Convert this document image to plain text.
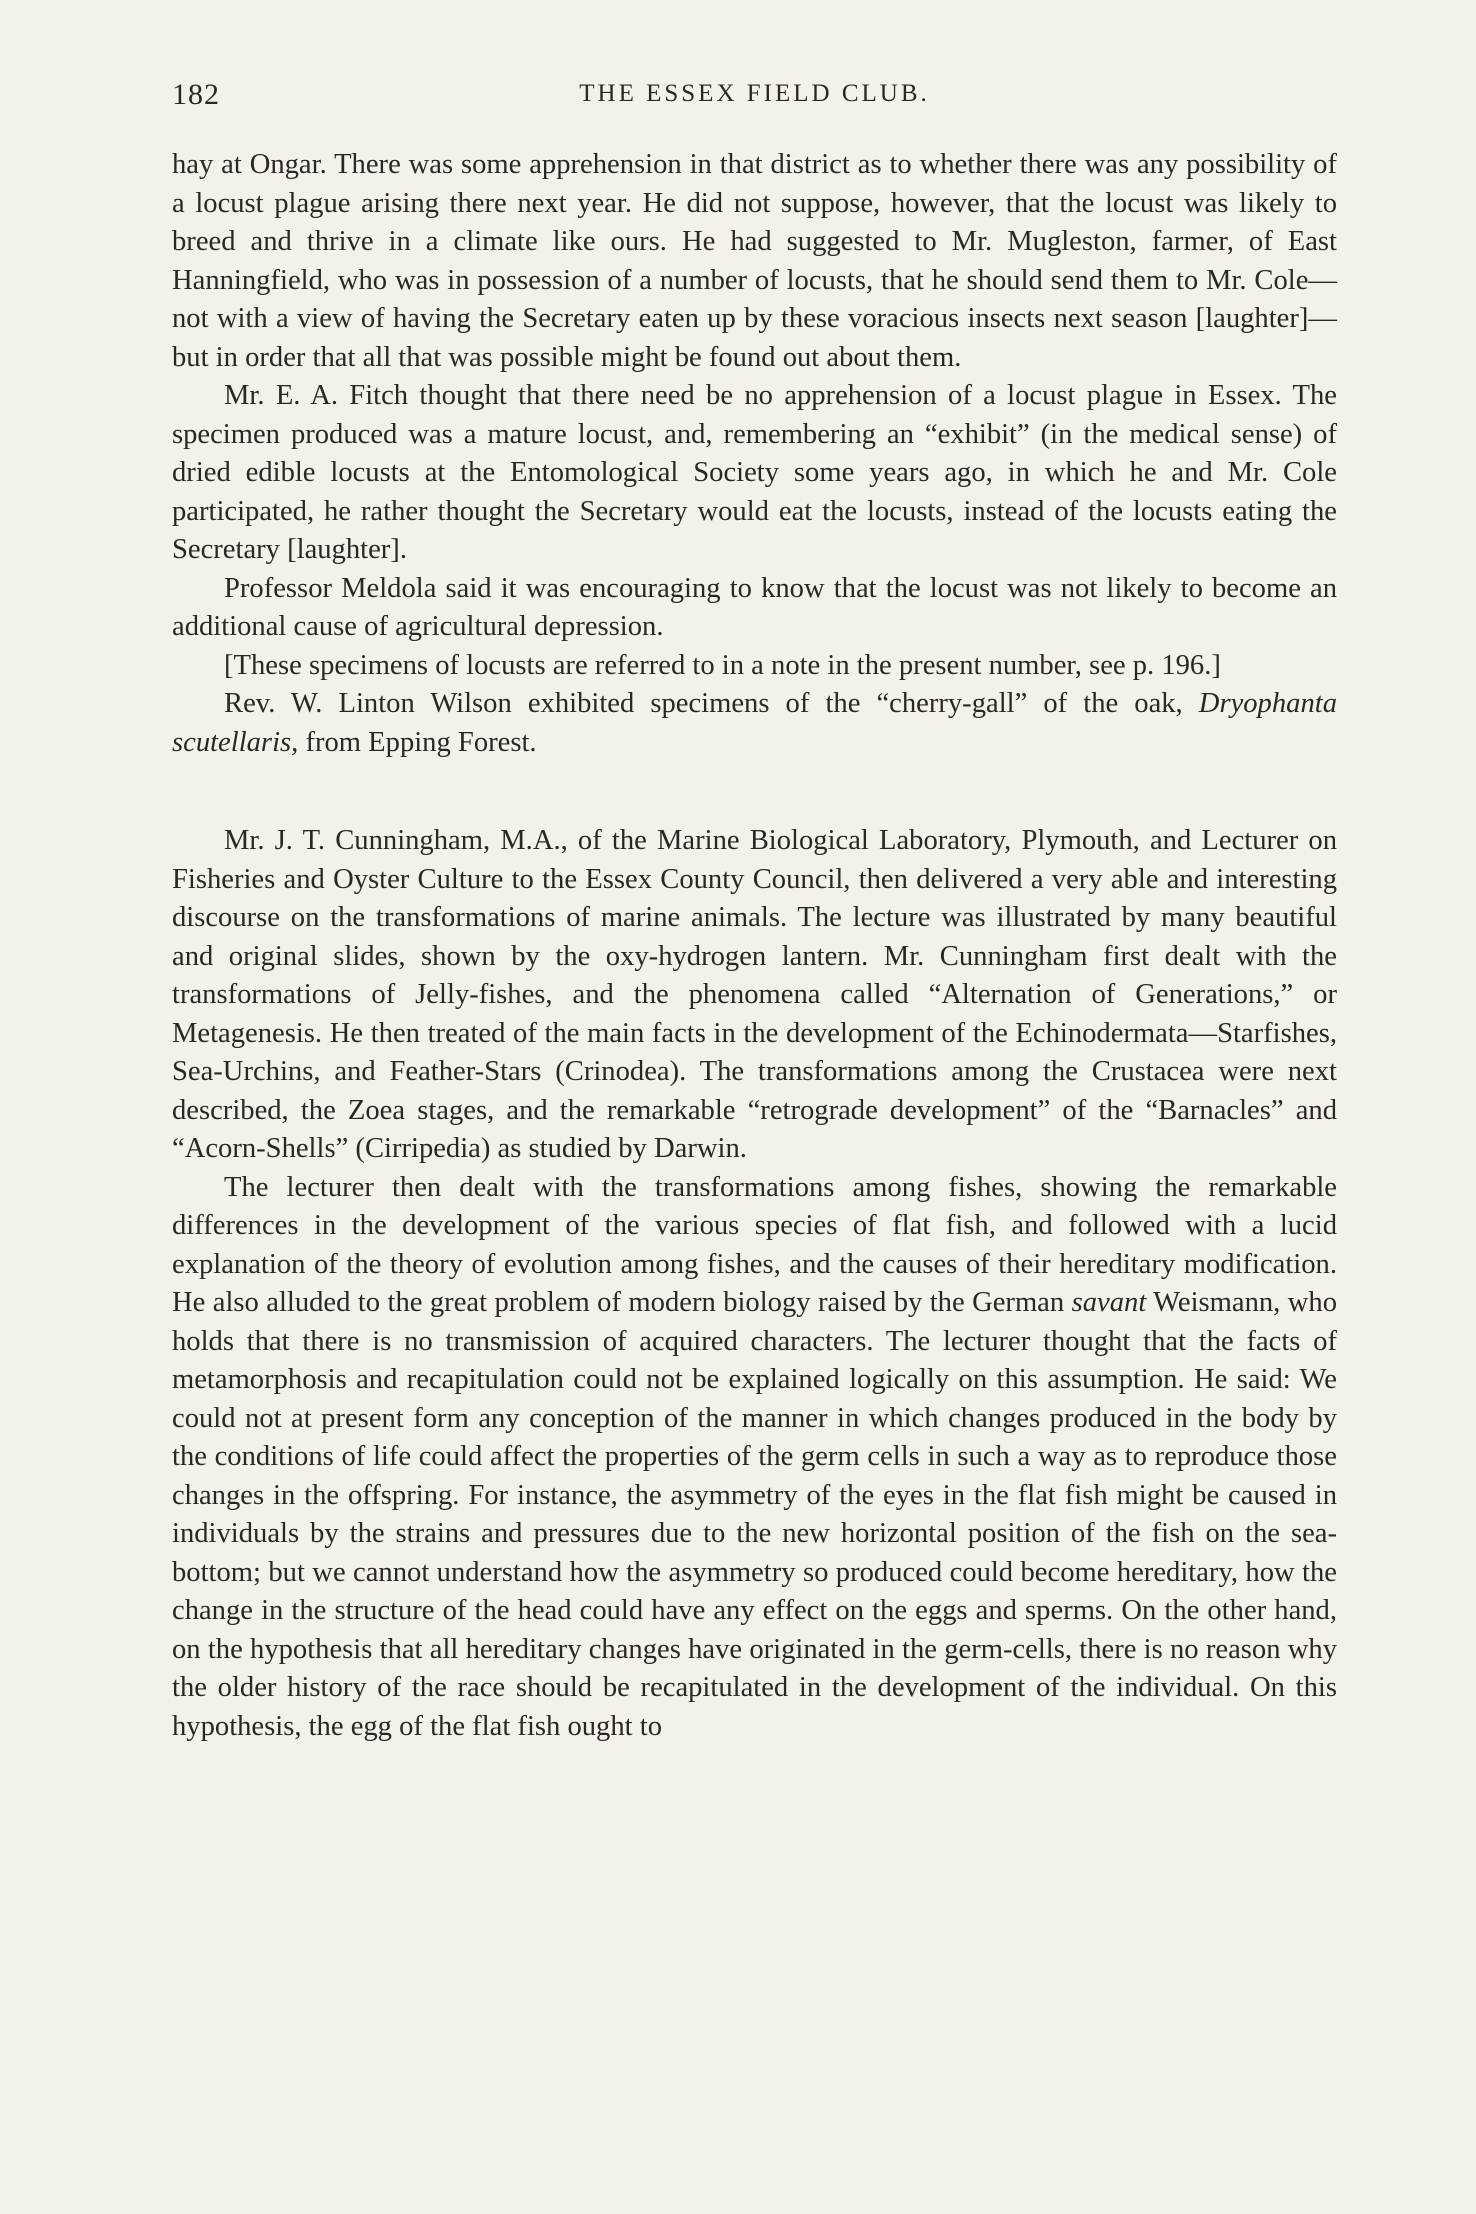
182	THE ESSEX FIELD CLUB.

hay at Ongar. There was some apprehension in that district as to whether there was any possibility of a locust plague arising there next year. He did not suppose, however, that the locust was likely to breed and thrive in a climate like ours. He had suggested to Mr. Mugleston, farmer, of East Hanningfield, who was in possession of a number of locusts, that he should send them to Mr. Cole—not with a view of having the Secretary eaten up by these voracious insects next season [laughter]—but in order that all that was possible might be found out about them.

Mr. E. A. Fitch thought that there need be no apprehension of a locust plague in Essex. The specimen produced was a mature locust, and, remembering an “exhibit” (in the medical sense) of dried edible locusts at the Entomological Society some years ago, in which he and Mr. Cole participated, he rather thought the Secretary would eat the locusts, instead of the locusts eating the Secretary [laughter].

Professor Meldola said it was encouraging to know that the locust was not likely to become an additional cause of agricultural depression.

[These specimens of locusts are referred to in a note in the present number, see p. 196.]

Rev. W. Linton Wilson exhibited specimens of the “cherry-gall” of the oak, Dryophanta scutellaris, from Epping Forest.

Mr. J. T. Cunningham, M.A., of the Marine Biological Laboratory, Plymouth, and Lecturer on Fisheries and Oyster Culture to the Essex County Council, then delivered a very able and interesting discourse on the transformations of marine animals. The lecture was illustrated by many beautiful and original slides, shown by the oxy-hydrogen lantern. Mr. Cunningham first dealt with the transformations of Jelly-fishes, and the phenomena called “Alternation of Generations,” or Metagenesis. He then treated of the main facts in the development of the Echinodermata—Starfishes, Sea-Urchins, and Feather-Stars (Crinodea). The transformations among the Crustacea were next described, the Zoea stages, and the remarkable “retrograde development” of the “Barnacles” and “Acorn-Shells” (Cirripedia) as studied by Darwin.

The lecturer then dealt with the transformations among fishes, showing the remarkable differences in the development of the various species of flat fish, and followed with a lucid explanation of the theory of evolution among fishes, and the causes of their hereditary modification. He also alluded to the great problem of modern biology raised by the German savant Weismann, who holds that there is no transmission of acquired characters. The lecturer thought that the facts of metamorphosis and recapitulation could not be explained logically on this assumption. He said: We could not at present form any conception of the manner in which changes produced in the body by the conditions of life could affect the properties of the germ cells in such a way as to reproduce those changes in the offspring. For instance, the asymmetry of the eyes in the flat fish might be caused in individuals by the strains and pressures due to the new horizontal position of the fish on the sea-bottom; but we cannot understand how the asymmetry so produced could become hereditary, how the change in the structure of the head could have any effect on the eggs and sperms. On the other hand, on the hypothesis that all hereditary changes have originated in the germ-cells, there is no reason why the older history of the race should be recapitulated in the development of the individual. On this hypothesis, the egg of the flat fish ought to
